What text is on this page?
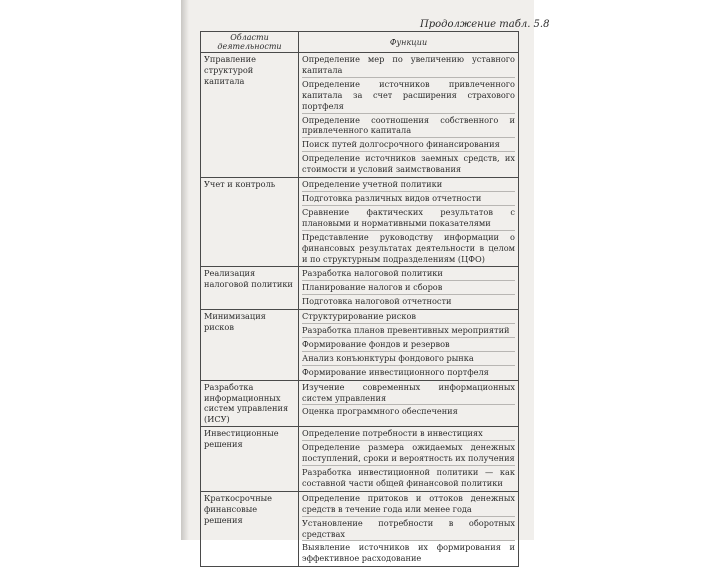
Продолжение табл. 5.8
Области деятельности	Функции
Управление структурой капитала	Определение мер по увеличению уставного капитала
Определение источников привлеченного капитала за счет расширения страхового портфеля
Определение соотношения собственного и привлеченного капитала
Поиск путей долгосрочного финансирования
Определение источников заемных средств, их стоимости и условий заимствования

Учет и контроль	Определение учетной политики
Подготовка различных видов отчетности
Сравнение фактических результатов с плановыми и нормативными показателями
Представление руководству информации о финансовых результатах деятельности в целом и по структурным подразделениям (ЦФО)

Реализация налоговой политики	Разработка налоговой политики
Планирование налогов и сборов
Подготовка налоговой отчетности

Минимизация рисков	Структурирование рисков
Разработка планов превентивных мероприятий
Формирование фондов и резервов
Анализ конъюнктуры фондового рынка
Формирование инвестиционного портфеля

Разработка информационных систем управления (ИСУ)	Изучение современных информационных систем управления
Оценка программного обеспечения

Инвестиционные решения	Определение потребности в инвестициях
Определение размера ожидаемых денежных поступлений, сроки и вероятность их получения
Разработка инвестиционной политики — как составной части общей финансовой политики

Краткосрочные финансовые решения	Определение притоков и оттоков денежных средств в течение года или менее года
Установление потребности в оборотных средствах
Выявление источников их формирования и эффективное расходование
